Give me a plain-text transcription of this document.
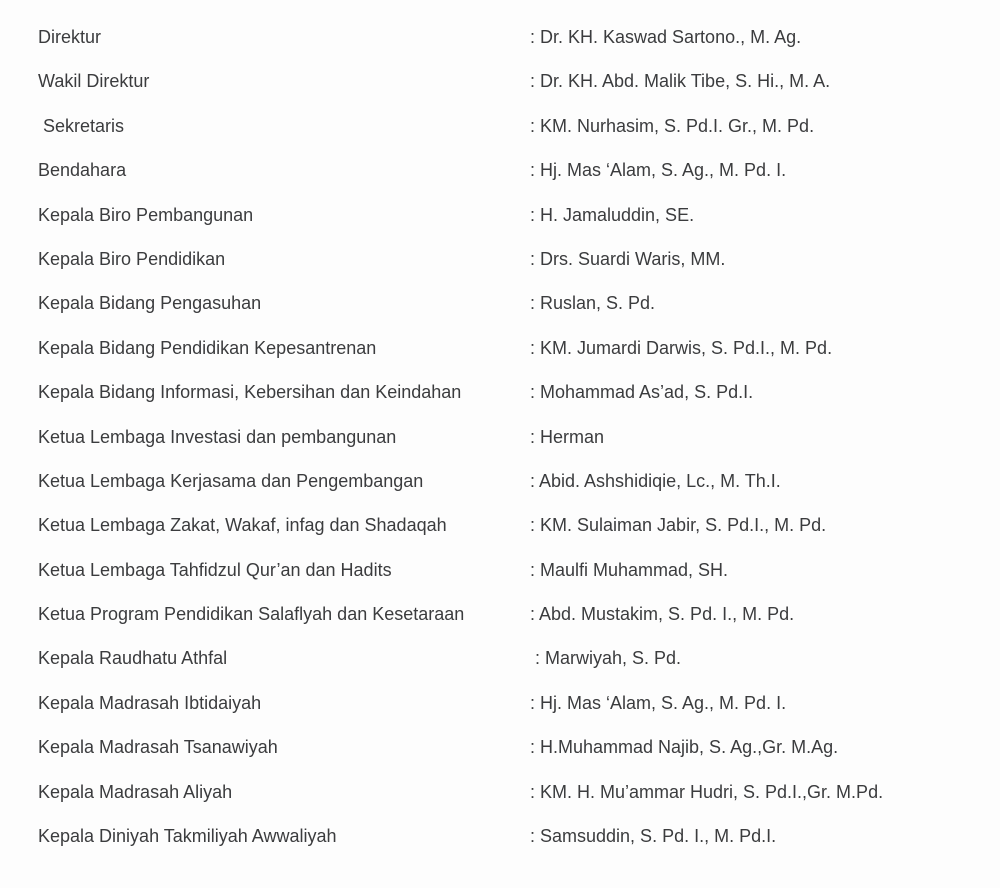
Direktur	: Dr. KH. Kaswad Sartono., M. Ag.
Wakil Direktur	: Dr. KH. Abd. Malik Tibe, S. Hi., M. A.
Sekretaris	: KM. Nurhasim, S. Pd.I. Gr., M. Pd.
Bendahara	: Hj. Mas ‘Alam, S. Ag., M. Pd. I.
Kepala Biro Pembangunan	: H. Jamaluddin, SE.
Kepala Biro Pendidikan	: Drs. Suardi Waris, MM.
Kepala Bidang Pengasuhan	: Ruslan, S. Pd.
Kepala Bidang Pendidikan Kepesantrenan	: KM. Jumardi Darwis, S. Pd.I., M. Pd.
Kepala Bidang Informasi, Kebersihan dan Keindahan	: Mohammad As’ad, S. Pd.I.
Ketua Lembaga Investasi dan pembangunan	: Herman
Ketua Lembaga Kerjasama dan Pengembangan	: Abid. Ashshidiqie, Lc., M. Th.I.
Ketua Lembaga Zakat, Wakaf, infag dan Shadaqah	: KM. Sulaiman Jabir, S. Pd.I., M. Pd.
Ketua Lembaga Tahfidzul Qur’an dan Hadits	: Maulfi Muhammad, SH.
Ketua Program Pendidikan Salaflyah dan Kesetaraan	: Abd. Mustakim, S. Pd. I., M. Pd.
Kepala Raudhatu Athfal	: Marwiyah, S. Pd.
Kepala Madrasah Ibtidaiyah	: Hj. Mas ‘Alam, S. Ag., M. Pd. I.
Kepala Madrasah Tsanawiyah	: H.Muhammad Najib, S. Ag.,Gr. M.Ag.
Kepala Madrasah Aliyah	: KM. H. Mu’ammar Hudri, S. Pd.I.,Gr. M.Pd.
Kepala Diniyah Takmiliyah Awwaliyah	: Samsuddin, S. Pd. I., M. Pd.I.
